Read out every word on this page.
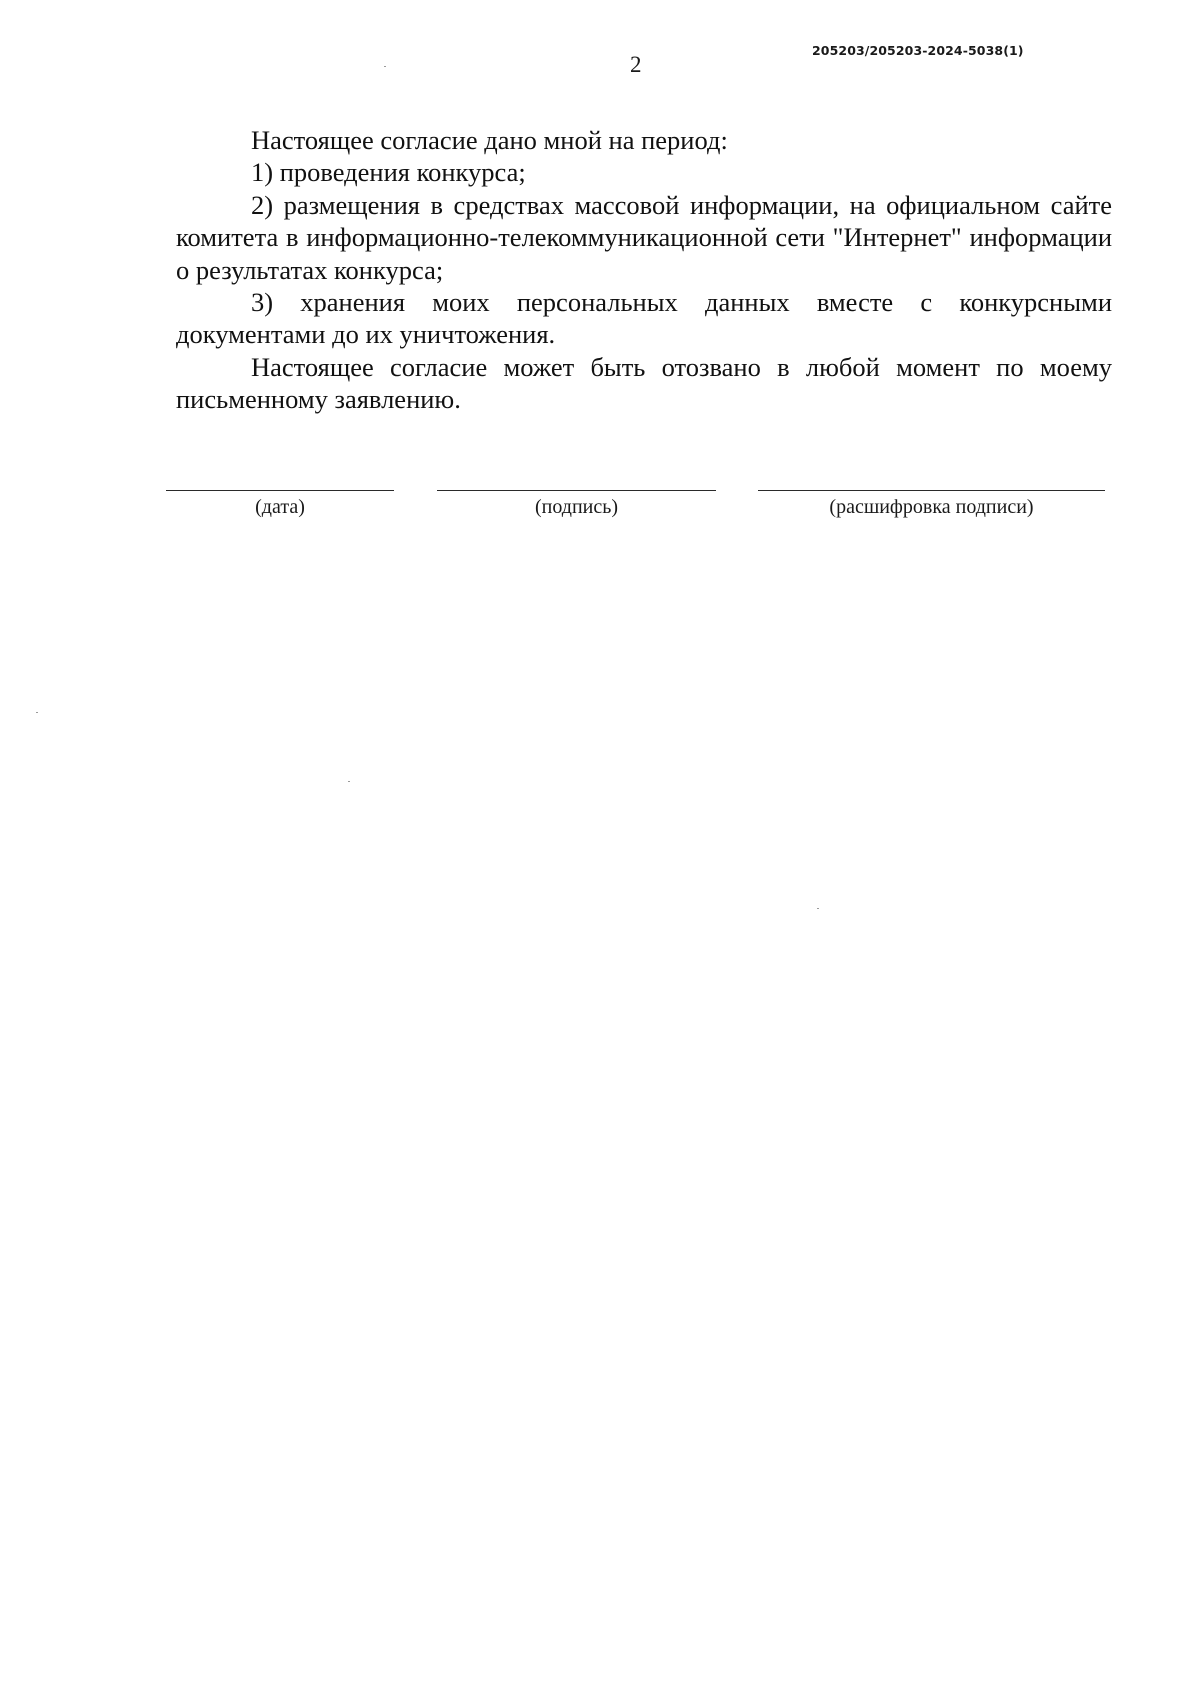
205203/205203-2024-5038(1)
2

Настоящее согласие дано мной на период:

1) проведения конкурса;

2) размещения в средствах массовой информации, на официальном сайте комитета в информационно-телекоммуникационной сети "Интернет" информации о результатах конкурса;

3) хранения моих персональных данных вместе с конкурсными документами до их уничтожения.

Настоящее согласие может быть отозвано в любой момент по моему письменному заявлению.

(дата)	(подпись)	(расшифровка подписи)
